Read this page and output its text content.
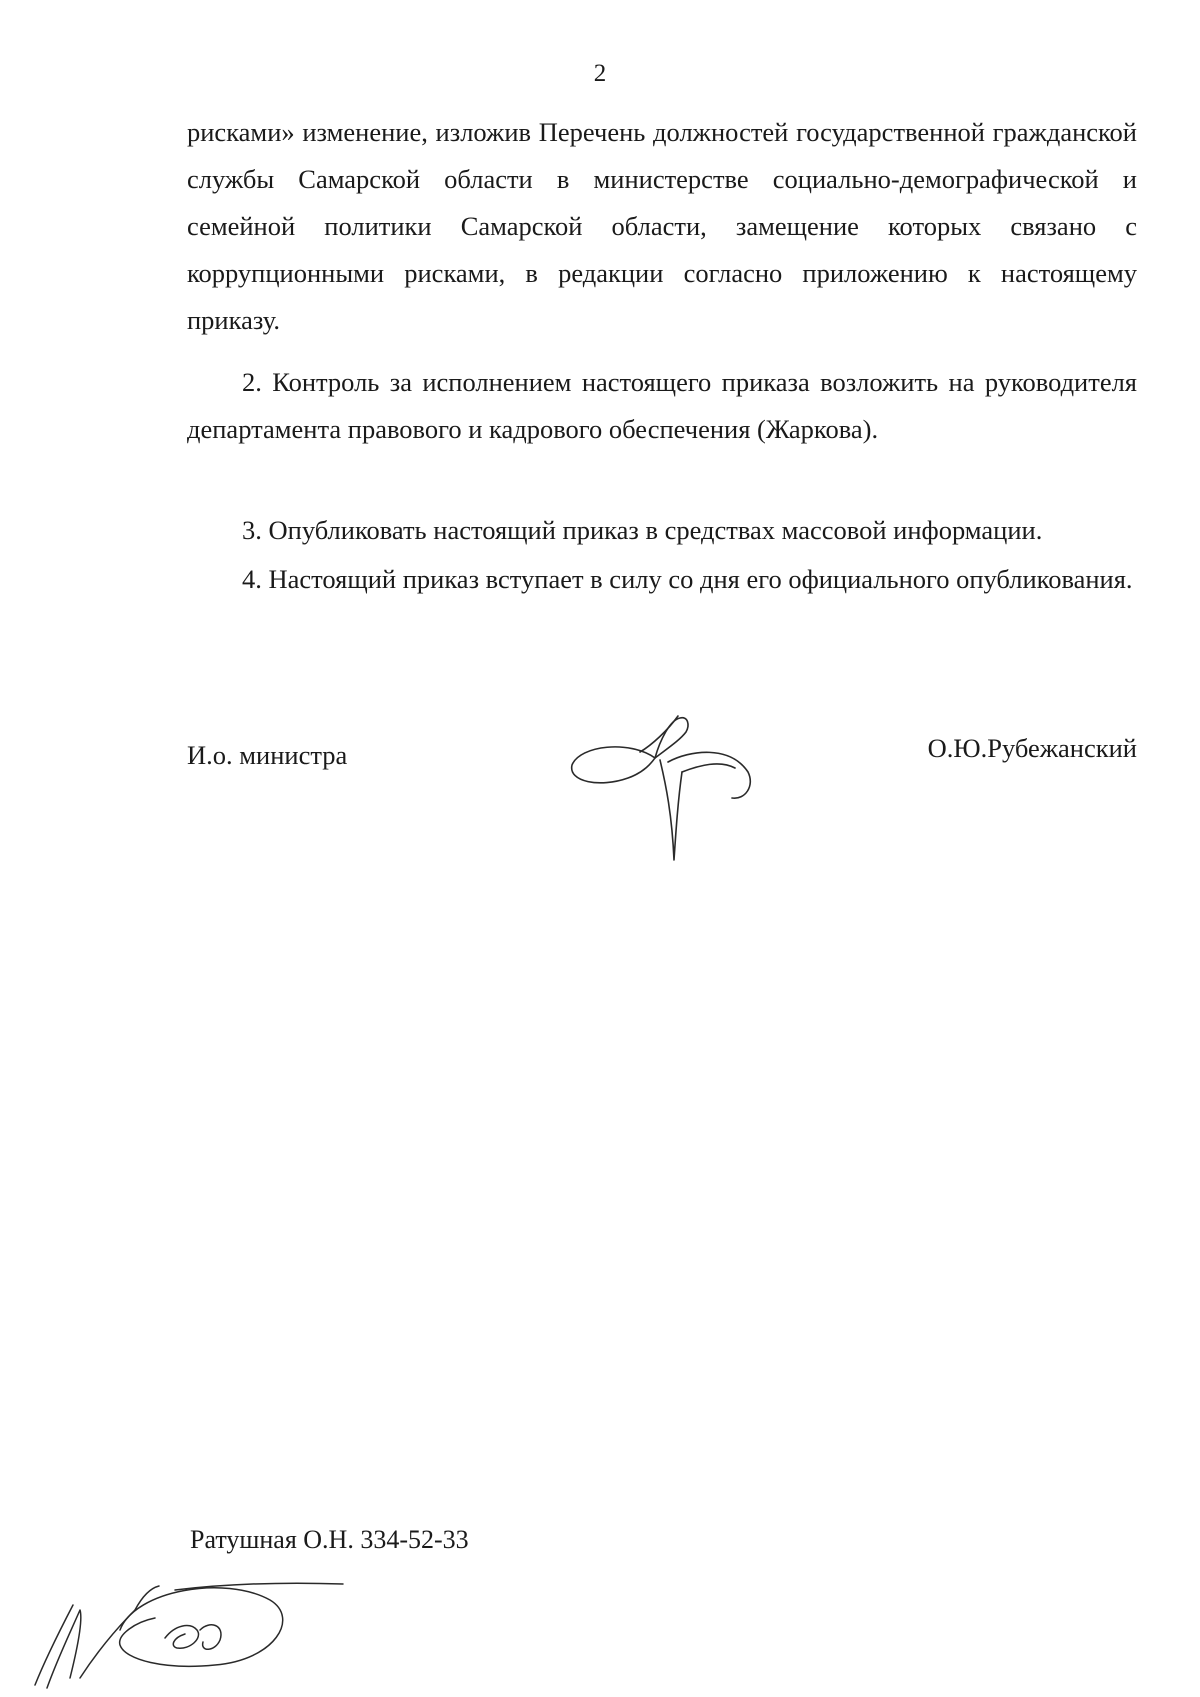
2
рисками» изменение, изложив Перечень должностей государственной гражданской службы Самарской области в министерстве социально-демографической и семейной политики Самарской области, замещение которых связано с коррупционными рисками, в редакции согласно приложению к настоящему приказу.
2. Контроль за исполнением настоящего приказа возложить на руководителя департамента правового и кадрового обеспечения (Жаркова).
3. Опубликовать настоящий приказ в средствах массовой информации.
4. Настоящий приказ вступает в силу со дня его официального опубликования.
И.о. министра	О.Ю.Рубежанский
Ратушная О.Н. 334-52-33
